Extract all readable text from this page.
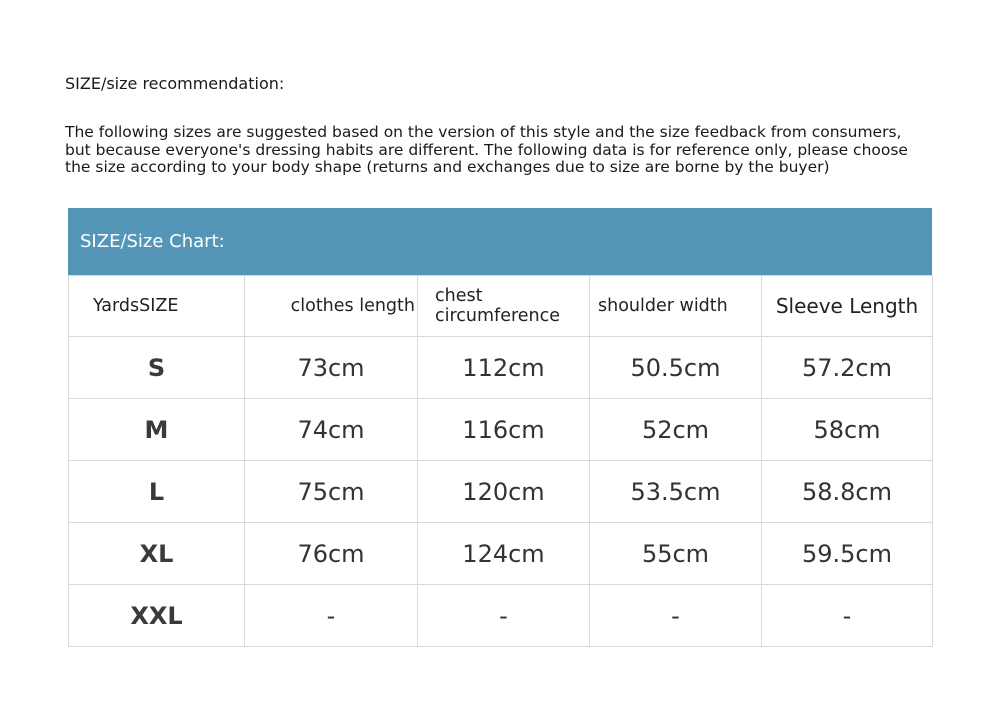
SIZE/size recommendation:
The following sizes are suggested based on the version of this style and the size feedback from consumers,
but because everyone's dressing habits are different. The following data is for reference only, please choose
the size according to your body shape (returns and exchanges due to size are borne by the buyer)
SIZE/Size Chart:
YardsSIZE	clothes length	chest circumference	shoulder width	Sleeve Length

S	73cm	112cm	50.5cm	57.2cm
M	74cm	116cm	52cm	58cm
L	75cm	120cm	53.5cm	58.8cm
XL	76cm	124cm	55cm	59.5cm
XXL	-	-	-	-
